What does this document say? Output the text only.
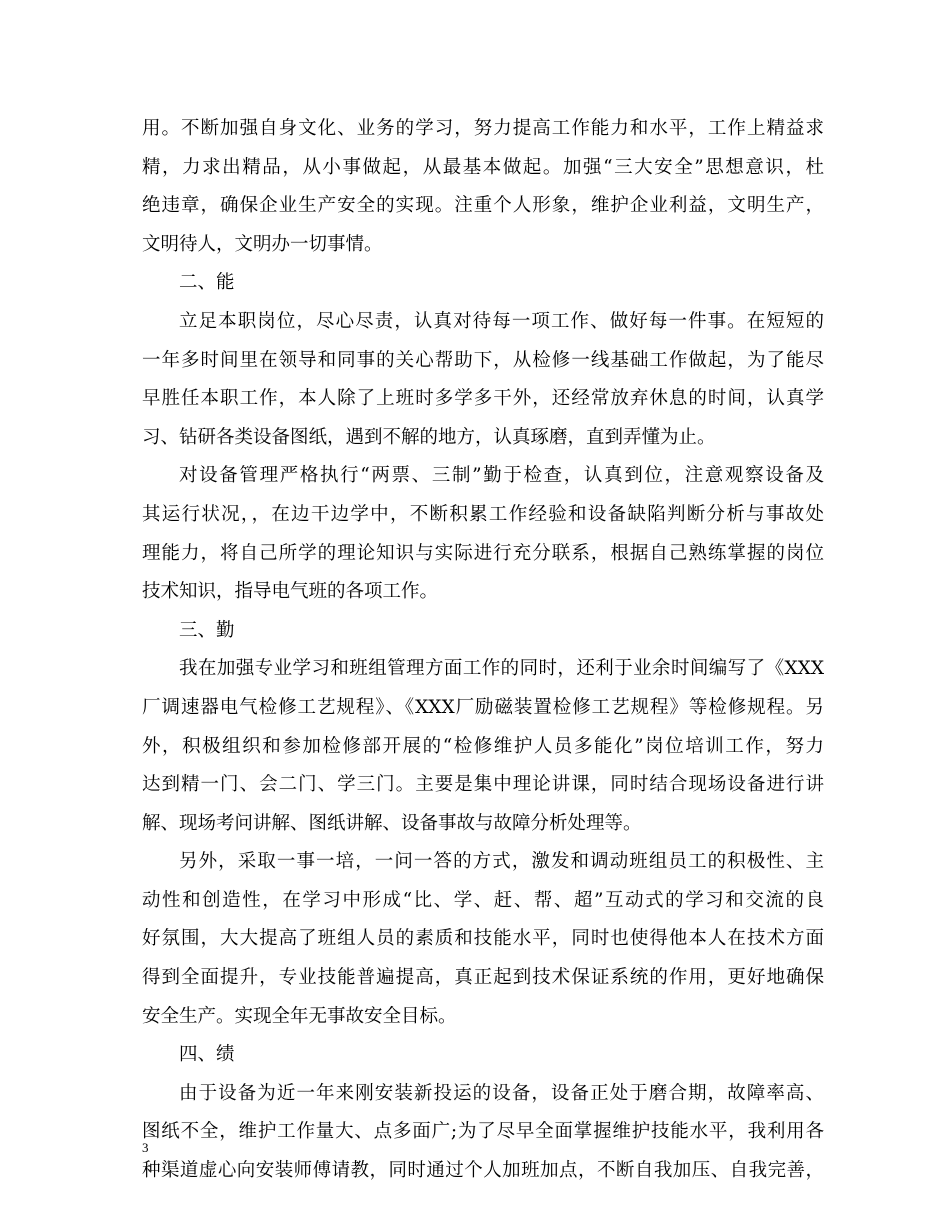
用。不断加强自身文化、业务的学习，努力提高工作能力和水平，工作上精益求
精，力求出精品，从小事做起，从最基本做起。加强“三大安全”思想意识，杜
绝违章，确保企业生产安全的实现。注重个人形象，维护企业利益，文明生产，
文明待人，文明办一切事情。
二、能
立足本职岗位，尽心尽责，认真对待每一项工作、做好每一件事。在短短的
一年多时间里在领导和同事的关心帮助下，从检修一线基础工作做起，为了能尽
早胜任本职工作，本人除了上班时多学多干外，还经常放弃休息的时间，认真学
习、钻研各类设备图纸，遇到不解的地方，认真琢磨，直到弄懂为止。
对设备管理严格执行“两票、三制”勤于检查，认真到位，注意观察设备及
其运行状况，，在边干边学中，不断积累工作经验和设备缺陷判断分析与事故处
理能力，将自己所学的理论知识与实际进行充分联系，根据自己熟练掌握的岗位
技术知识，指导电气班的各项工作。
三、勤
我在加强专业学习和班组管理方面工作的同时，还利于业余时间编写了《XXX
厂调速器电气检修工艺规程》、《XXX厂励磁装置检修工艺规程》等检修规程。另
外，积极组织和参加检修部开展的“检修维护人员多能化”岗位培训工作，努力
达到精一门、会二门、学三门。主要是集中理论讲课，同时结合现场设备进行讲
解、现场考问讲解、图纸讲解、设备事故与故障分析处理等。
另外，采取一事一培，一问一答的方式，激发和调动班组员工的积极性、主
动性和创造性，在学习中形成“比、学、赶、帮、超”互动式的学习和交流的良
好氛围，大大提高了班组人员的素质和技能水平，同时也使得他本人在技术方面
得到全面提升，专业技能普遍提高，真正起到技术保证系统的作用，更好地确保
安全生产。实现全年无事故安全目标。
四、绩
由于设备为近一年来刚安装新投运的设备，设备正处于磨合期，故障率高、
图纸不全，维护工作量大、点多面广;为了尽早全面掌握维护技能水平，我利用各
种渠道虚心向安装师傅请教，同时通过个人加班加点，不断自我加压、自我完善，
3
